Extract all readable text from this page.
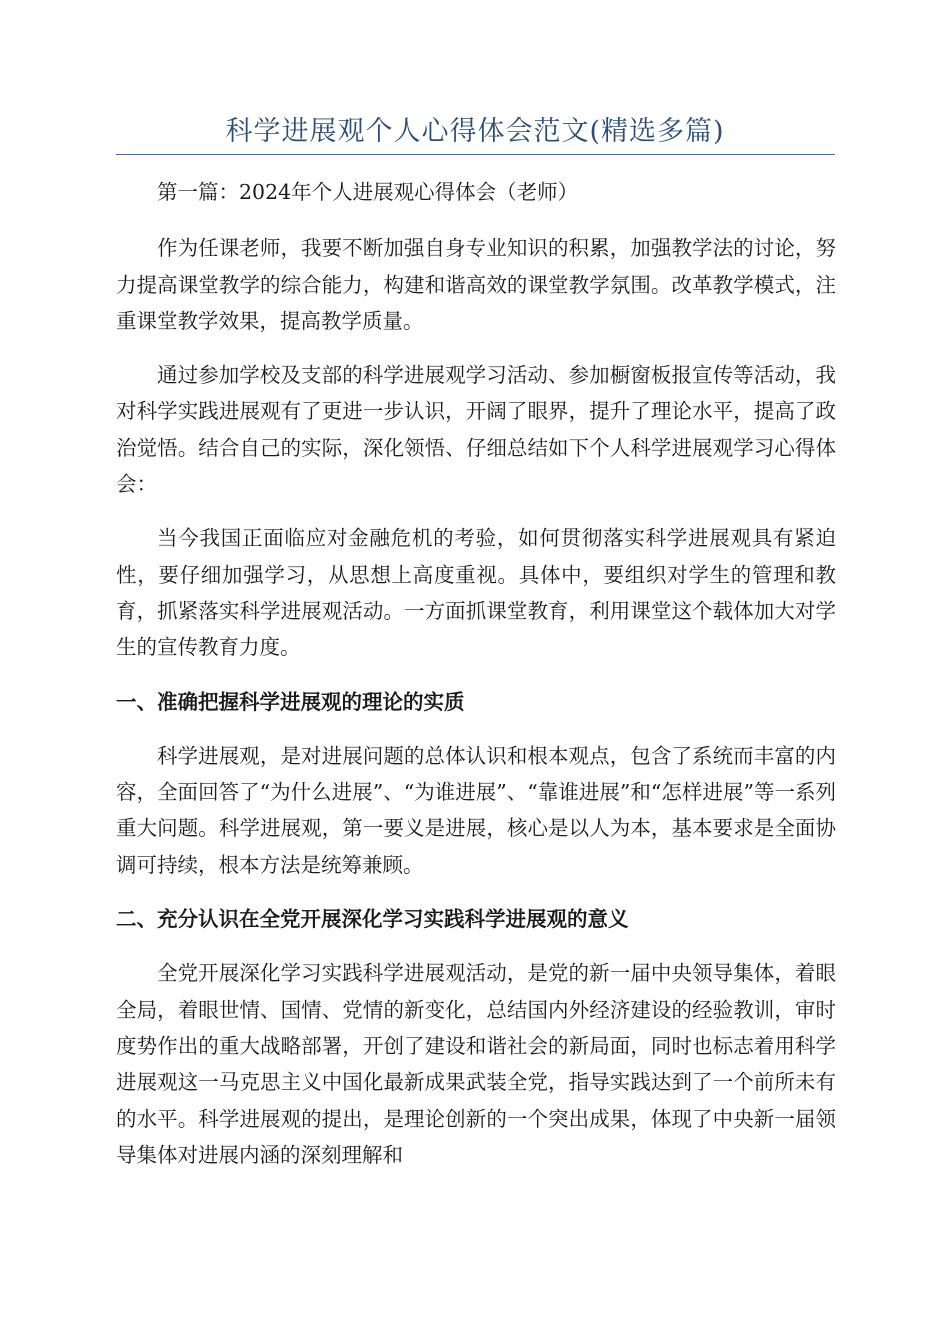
科学进展观个人心得体会范文(精选多篇)

第一篇：2024年个人进展观心得体会（老师）

作为任课老师，我要不断加强自身专业知识的积累，加强教学法的讨论，努力提高课堂教学的综合能力，构建和谐高效的课堂教学氛围。改革教学模式，注重课堂教学效果，提高教学质量。

通过参加学校及支部的科学进展观学习活动、参加橱窗板报宣传等活动，我对科学实践进展观有了更进一步认识，开阔了眼界，提升了理论水平，提高了政治觉悟。结合自己的实际，深化领悟、仔细总结如下个人科学进展观学习心得体会：

当今我国正面临应对金融危机的考验，如何贯彻落实科学进展观具有紧迫性，要仔细加强学习，从思想上高度重视。具体中，要组织对学生的管理和教育，抓紧落实科学进展观活动。一方面抓课堂教育，利用课堂这个载体加大对学生的宣传教育力度。

一、准确把握科学进展观的理论的实质

科学进展观，是对进展问题的总体认识和根本观点，包含了系统而丰富的内容，全面回答了“为什么进展”、“为谁进展”、“靠谁进展”和“怎样进展”等一系列重大问题。科学进展观，第一要义是进展，核心是以人为本，基本要求是全面协调可持续，根本方法是统筹兼顾。

二、充分认识在全党开展深化学习实践科学进展观的意义

全党开展深化学习实践科学进展观活动，是党的新一届中央领导集体，着眼全局，着眼世情、国情、党情的新变化，总结国内外经济建设的经验教训，审时度势作出的重大战略部署，开创了建设和谐社会的新局面，同时也标志着用科学进展观这一马克思主义中国化最新成果武装全党，指导实践达到了一个前所未有的水平。科学进展观的提出，是理论创新的一个突出成果，体现了中央新一届领导集体对进展内涵的深刻理解和
